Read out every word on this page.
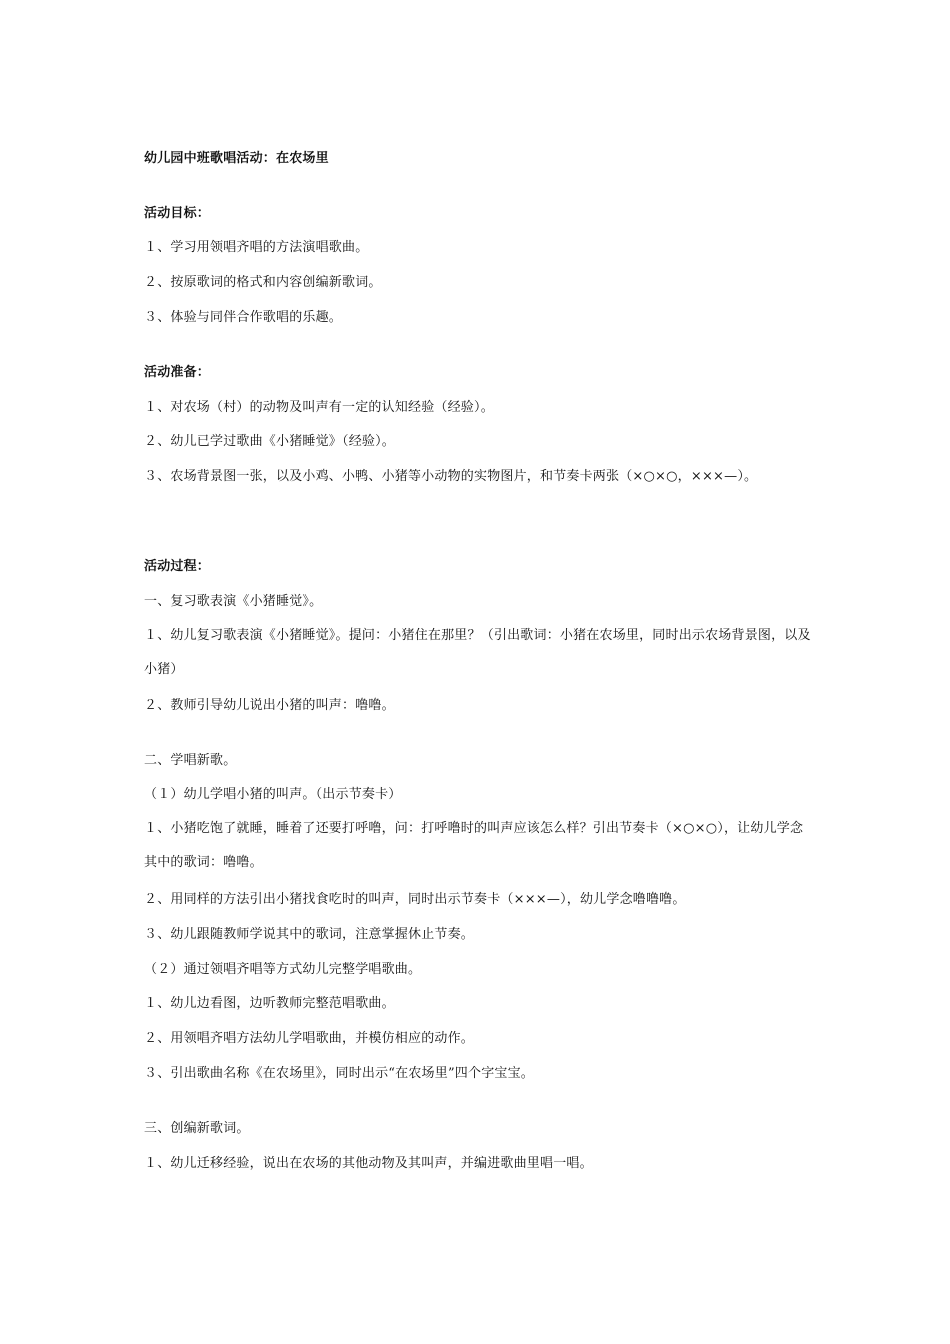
幼儿园中班歌唱活动：在农场里
活动目标：
１、学习用领唱齐唱的方法演唱歌曲。
２、按原歌词的格式和内容创编新歌词。
３、体验与同伴合作歌唱的乐趣。
活动准备：
１、对农场（村）的动物及叫声有一定的认知经验（经验）。
２、幼儿已学过歌曲《小猪睡觉》（经验）。
３、农场背景图一张，以及小鸡、小鸭、小猪等小动物的实物图片，和节奏卡两张（×○×○，×××—）。
活动过程：
一、复习歌表演《小猪睡觉》。
１、幼儿复习歌表演《小猪睡觉》。提问：小猪住在那里？（引出歌词：小猪在农场里，同时出示农场背景图，以及小猪）
２、教师引导幼儿说出小猪的叫声：噜噜。
二、学唱新歌。
（１）幼儿学唱小猪的叫声。（出示节奏卡）
１、小猪吃饱了就睡，睡着了还要打呼噜，问：打呼噜时的叫声应该怎么样？引出节奏卡（×○×○），让幼儿学念其中的歌词：噜噜。
２、用同样的方法引出小猪找食吃时的叫声，同时出示节奏卡（×××—），幼儿学念噜噜噜。
３、幼儿跟随教师学说其中的歌词，注意掌握休止节奏。
（２）通过领唱齐唱等方式幼儿完整学唱歌曲。
１、幼儿边看图，边听教师完整范唱歌曲。
２、用领唱齐唱方法幼儿学唱歌曲，并模仿相应的动作。
３、引出歌曲名称《在农场里》，同时出示“在农场里”四个字宝宝。
三、创编新歌词。
１、幼儿迁移经验，说出在农场的其他动物及其叫声，并编进歌曲里唱一唱。
